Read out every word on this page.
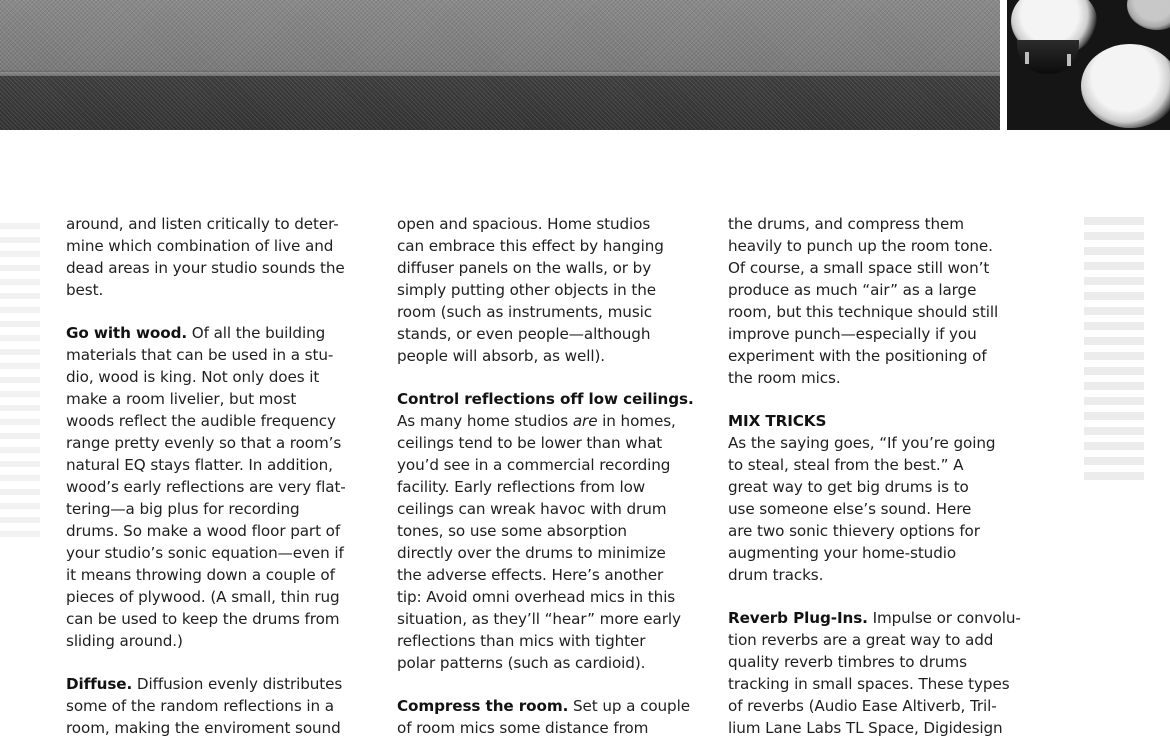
around, and listen critically to deter-
mine which combination of live and
dead areas in your studio sounds the
best.
Go with wood. Of all the building
materials that can be used in a stu-
dio, wood is king. Not only does it
make a room livelier, but most
woods reflect the audible frequency
range pretty evenly so that a room’s
natural EQ stays flatter. In addition,
wood’s early reflections are very flat-
tering—a big plus for recording
drums. So make a wood floor part of
your studio’s sonic equation—even if
it means throwing down a couple of
pieces of plywood. (A small, thin rug
can be used to keep the drums from
sliding around.)
Diffuse. Diffusion evenly distributes
some of the random reflections in a
room, making the enviroment sound
open and spacious. Home studios
can embrace this effect by hanging
diffuser panels on the walls, or by
simply putting other objects in the
room (such as instruments, music
stands, or even people—although
people will absorb, as well).
Control reflections off low ceilings.
As many home studios are in homes,
ceilings tend to be lower than what
you’d see in a commercial recording
facility. Early reflections from low
ceilings can wreak havoc with drum
tones, so use some absorption
directly over the drums to minimize
the adverse effects. Here’s another
tip: Avoid omni overhead mics in this
situation, as they’ll “hear” more early
reflections than mics with tighter
polar patterns (such as cardioid).
Compress the room. Set up a couple
of room mics some distance from
the drums, and compress them
heavily to punch up the room tone.
Of course, a small space still won’t
produce as much “air” as a large
room, but this technique should still
improve punch—especially if you
experiment with the positioning of
the room mics.
MIX TRICKS
As the saying goes, “If you’re going
to steal, steal from the best.” A
great way to get big drums is to
use someone else’s sound. Here
are two sonic thievery options for
augmenting your home-studio
drum tracks.
Reverb Plug-Ins. Impulse or convolu-
tion reverbs are a great way to add
quality reverb timbres to drums
tracking in small spaces. These types
of reverbs (Audio Ease Altiverb, Tril-
lium Lane Labs TL Space, Digidesign
